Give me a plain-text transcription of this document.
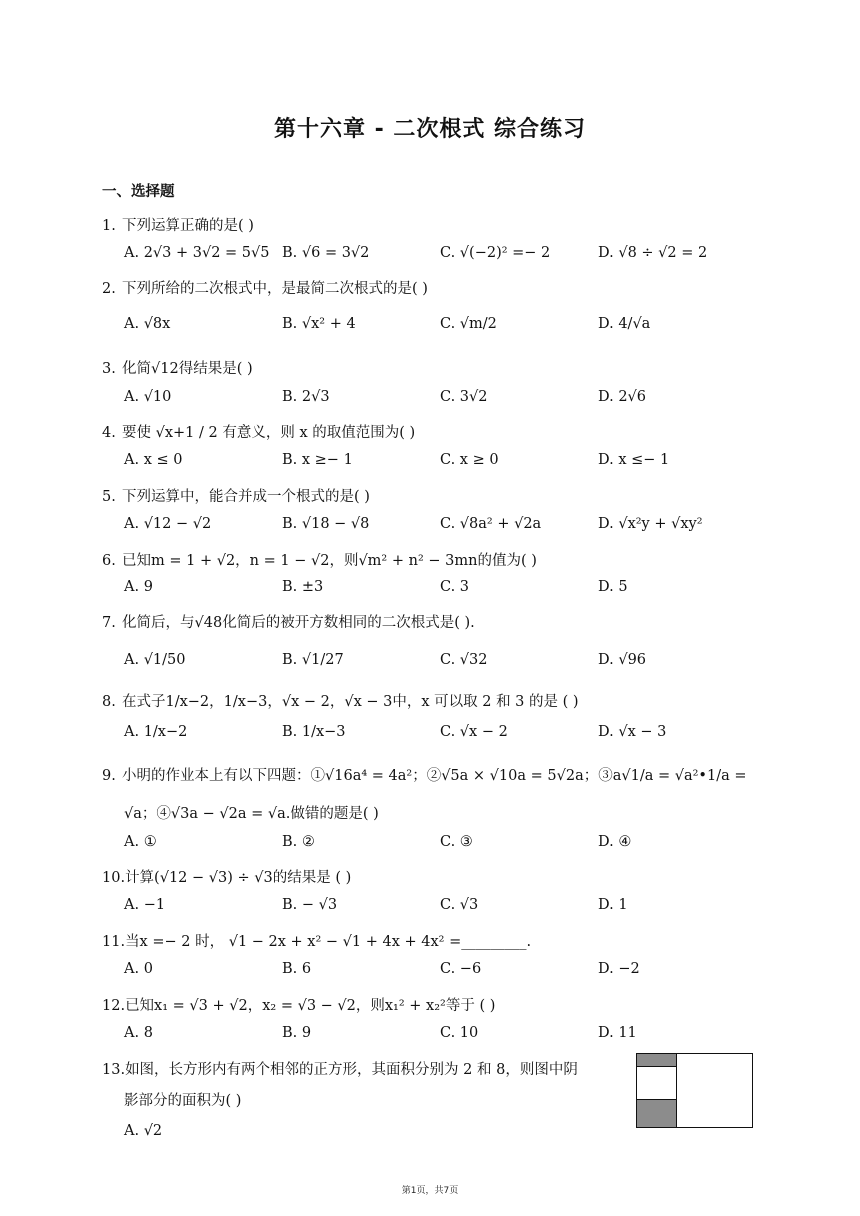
第十六章 - 二次根式 综合练习
一、选择题
1. 下列运算正确的是( )
A. 2√3 + 3√2 = 5√5 B. √6 = 3√2	C. √(−2)² =− 2	D. √8 ÷ √2 = 2
2. 下列所给的二次根式中，是最简二次根式的是( )
A. √8x	B. √x² + 4	C. √m/2	D. 4/√a
3. 化简√12得结果是( )
A. √10	B. 2√3	C. 3√2	D. 2√6
4. 要使 √x+1 / 2 有意义，则 x 的取值范围为( )
A. x ≤ 0	B. x ≥− 1	C. x ≥ 0	D. x ≤− 1
5. 下列运算中，能合并成一个根式的是( )
A. √12 − √2	B. √18 − √8	C. √8a² + √2a	D. √x²y + √xy²
6. 已知m = 1 + √2，n = 1 − √2，则√m² + n² − 3mn的值为( )
A. 9	B. ±3	C. 3	D. 5
7. 化简后，与√48化简后的被开方数相同的二次根式是( ).
A. √1/50	B. √1/27	C. √32	D. √96
8. 在式子1/x−2，1/x−3，√x − 2，√x − 3中，x 可以取 2 和 3 的是 ( )
A. 1/x−2	B. 1/x−3	C. √x − 2	D. √x − 3
9. 小明的作业本上有以下四题：①√16a⁴ = 4a²；②√5a × √10a = 5√2a；③a√1/a = √a²•1/a =
√a；④√3a − √2a = √a.做错的题是( )
A. ①	B. ②	C. ③	D. ④
10.计算(√12 − √3) ÷ √3的结果是 ( )
A. −1	B. − √3	C. √3	D. 1
11.当x =− 2 时， √1 − 2x + x² − √1 + 4x + 4x² =_________.
A. 0	B. 6	C. −6	D. −2
12.已知x₁ = √3 + √2，x₂ = √3 − √2，则x₁² + x₂²等于 ( )
A. 8	B. 9	C. 10	D. 11
13.如图，长方形内有两个相邻的正方形，其面积分别为 2 和 8，则图中阴
影部分的面积为( )
A. √2
第1页，共7页
